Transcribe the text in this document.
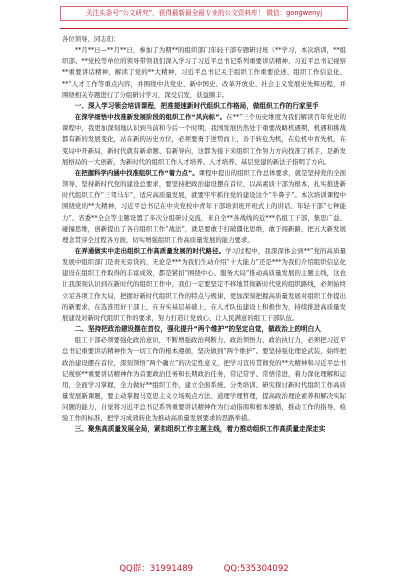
关注头条号“公文研究”，获得最新最全最专业的公文资料库！ 微信：gongwenyj

各位领导、同志们：

**月**日—**月**日，参加了为期**的组织部门年轻干部专题研讨班（**学习，本次培训，**组织部、**党校等单位的领导带领我们深入学习了习近平总书记系列重要讲话精神、习近平总书记视察**重要讲话精神，解读了党的**大精神、习近平总书记关于组织工作重要论述、组织工作信息化、**”人才工作等重点内容，并围绕中共党史、新中国史、改革开放史、社会主义发展史先辉历程，并围绕相关专题进行了分组研讨学习，深受启发，获益颇丰。

一、深入学习领会培训课程，把准提速新时代组织工作格局，做组织工作的行家里手

在深学细悟中找准新发展阶段的组织工作“风向标”。在**”三个历史维度为我们解读百年党史的课程中，我更加深刻地认识到当前和今后一个时期，我国发展仍然处于重要战略机遇期，机遇和挑战都有新的发展变化，站在新的历史方位，必须要勇于逆势而上，善于转危为机，在危机中育先机，在变局中开新局，新时代就有新命题、有新导向，这都为接下来组织工作努力方向找准了抓手，是新发展格局的一大创新，为新时代的组织工作人才培养、人才培养、基层党建的新法子指明了方向。

在把握科学内涵中找准组织工作“着力点”。课程中提出的组织工作总体要求，就是坚持党的全面领导、坚持新时代党的建设总要求，要坚持把政治建设摆在首位、以高素质干部为根本，扎实推进新时代组织工作“三驾马车”，适应高质量发展，就要牢牢抓住党的建设这个“牛鼻子”。本次培训课程中围绕党的**大精神、习近平总书记在中央党校中青年干部培训班开班式上的讲话、年轻干部“七种能力”、省委**全会等主题设置了多次分组研讨交流，来自全**各战线的近***名组工干部，集思广益、碰撞思维，创新提出了各自组织工作“战法”，就是要敢于打破僵化思维，敢于闯新路，把五大新发展理念贯穿全过程各方面，切实增强组织工作高质量发展的能力要求。

在弄通做实中走出组织工作高质量发展的时代路径。学习过程中，我深深体会到**”党的高质量发展中组织部门是责无旁贷的，无论是***为我们生动介绍“十大能力”还是***为我们介绍组织信息化建设在组织工作取得的丰富成效，都是紧扣“围绕中心、服务大局”推动高质量发展的主题主线，这也让我深刻认识到在新时代的组织工作中，我们一定要坚定不移地贯彻新时代党的组织路线，必须始终立足各项工作大局，把握好新时代组织工作的特点与规律，更加深刻把握高质量发展对组织工作提出的新要求，在选准用好干部上，在夯实基层基础上，在人才队伍建设上积极作为，持续推进高质量发展建设对新时代组织工作的要求，努力打造让党放心、让人民满意的组工干部队伍。

二、坚持把政治建设摆在首位，强化提升“两个维护”的坚定自觉，做政治上的明白人

组工干部必须要强化政治意识，不断增强政治判断力、政治领悟力、政治执行力，必须把习近平总书记重要讲话精神作为一切工作的根本遵循，坚决做到“两个维护”。要坚持强化理论武装，始终把政治建设摆在首位，深刻领悟“两个确立”的决定性意义，把学习宣传贯彻党的**大精神和习近平总书记视察**重要讲话精神作为首要政治任务和长期政治任务，常记常学、常悟常进，着力深化理解和运用，全面学习掌握，全力做好**组织工作，建立全面系统、分类培训、研究探讨新时代组织工作高质量发展新课题，要主动掌握马克思主义立场观点方法、道理学理哲理，提高政治理论素养和解决实际问题的能力，自觉将习近平总书记系列重要讲话精神作为行动指南和根本遵循，推动工作的指导、检验工作的标准，把学习成效转化为推动高质量发展要求的思路举措。

三、聚焦高质量发展全局，紧扣组织工作主题主线，着力推动组织工作高质量走深走实
QQ群：31991489	QQ:535304092
